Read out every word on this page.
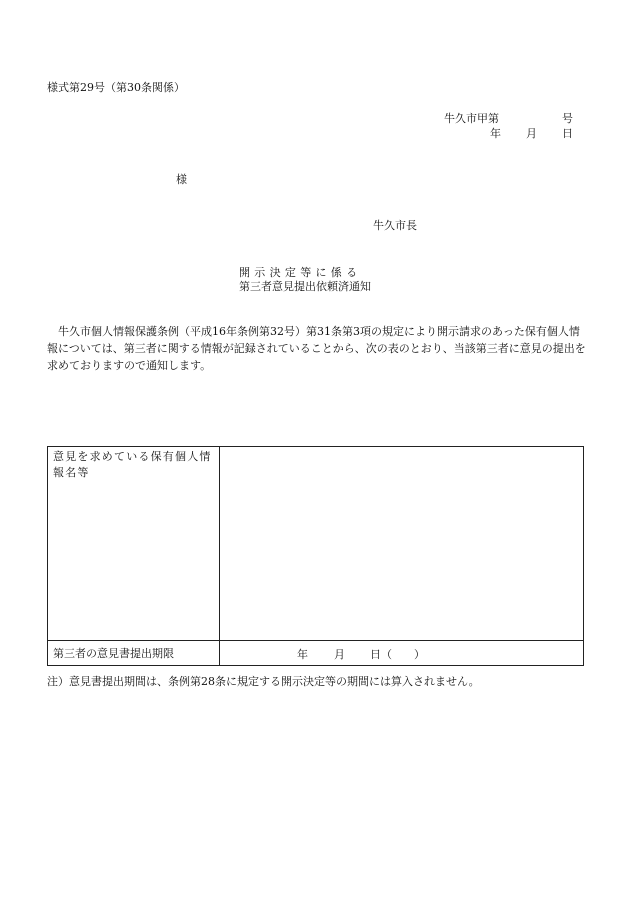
様式第29号（第30条関係）
牛久市甲第	号
年 月 日
様
牛久市長
開示決定等に係る
第三者意見提出依頼済通知
牛久市個人情報保護条例（平成16年条例第32号）第31条第3項の規定により開示請求のあった保有個人情報については、第三者に関する情報が記録されていることから、次の表のとおり、当該第三者に意見の提出を求めておりますので通知します。
意見を求めている保有個人情報名等	
第三者の意見書提出期限	年 月 日（　　）
注）意見書提出期間は、条例第28条に規定する開示決定等の期間には算入されません。
